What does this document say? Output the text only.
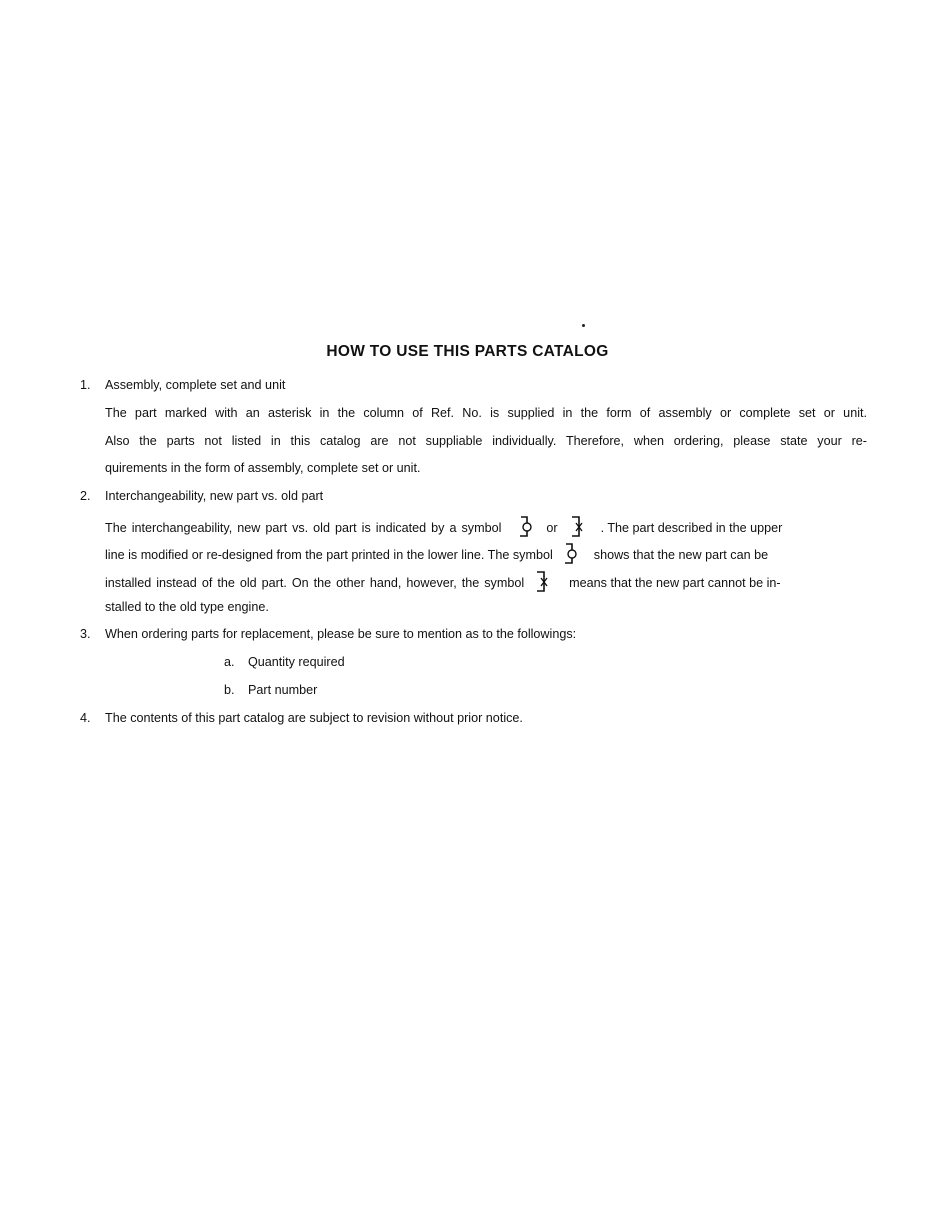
HOW TO USE THIS PARTS CATALOG
1. Assembly, complete set and unit
The part marked with an asterisk in the column of Ref. No. is supplied in the form of assembly or complete set or unit.
Also the parts not listed in this catalog are not suppliable individually. Therefore, when ordering, please state your re-
quirements in the form of assembly, complete set or unit.
2. Interchangeability, new part vs. old part
The interchangeability, new part vs. old part is indicated by a symbol	or	. The part described in the upper
line is modified or re-designed from the part printed in the lower line. The symbol	shows that the new part can be
installed instead of the old part. On the other hand, however, the symbol	means that the new part cannot be in-
stalled to the old type engine.
3. When ordering parts for replacement, please be sure to mention as to the followings:
a. Quantity required
b. Part number
4. The contents of this part catalog are subject to revision without prior notice.
